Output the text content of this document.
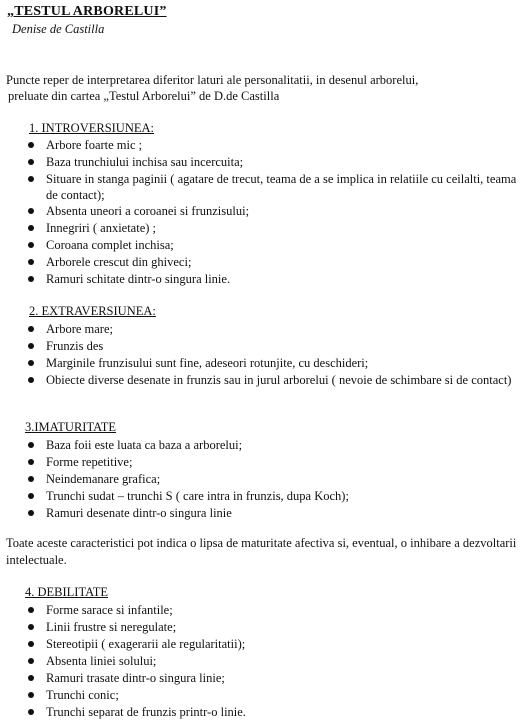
„TESTUL ARBORELUI”
Denise de Castilla
Puncte reper de interpretarea diferitor laturi ale personalitatii, in desenul arborelui,
preluate din cartea „Testul Arborelui” de D.de Castilla
1. INTROVERSIUNEA:
Arbore foarte mic ;
Baza trunchiului inchisa sau incercuita;
Situare in stanga paginii ( agatare de trecut, teama de a se implica in relatiile cu ceilalti, teama de contact);
Absenta uneori a coroanei si frunzisului;
Innegriri ( anxietate) ;
Coroana complet inchisa;
Arborele crescut din ghiveci;
Ramuri schitate dintr-o singura linie.
2. EXTRAVERSIUNEA:
Arbore mare;
Frunzis des
Marginile frunzisului sunt fine, adeseori rotunjite, cu deschideri;
Obiecte diverse desenate in frunzis sau in jurul arborelui ( nevoie de schimbare si de contact)
3.IMATURITATE
Baza foii este luata ca baza a arborelui;
Forme repetitive;
Neindemanare grafica;
Trunchi sudat – trunchi S ( care intra in frunzis, dupa Koch);
Ramuri desenate dintr-o singura linie
Toate aceste caracteristici pot indica o lipsa de maturitate afectiva si, eventual, o inhibare a dezvoltarii intelectuale.
4. DEBILITATE
Forme sarace si infantile;
Linii frustre si neregulate;
Stereotipii ( exagerarii ale regularitatii);
Absenta liniei solului;
Ramuri trasate dintr-o singura linie;
Trunchi conic;
Trunchi separat de frunzis printr-o linie.
